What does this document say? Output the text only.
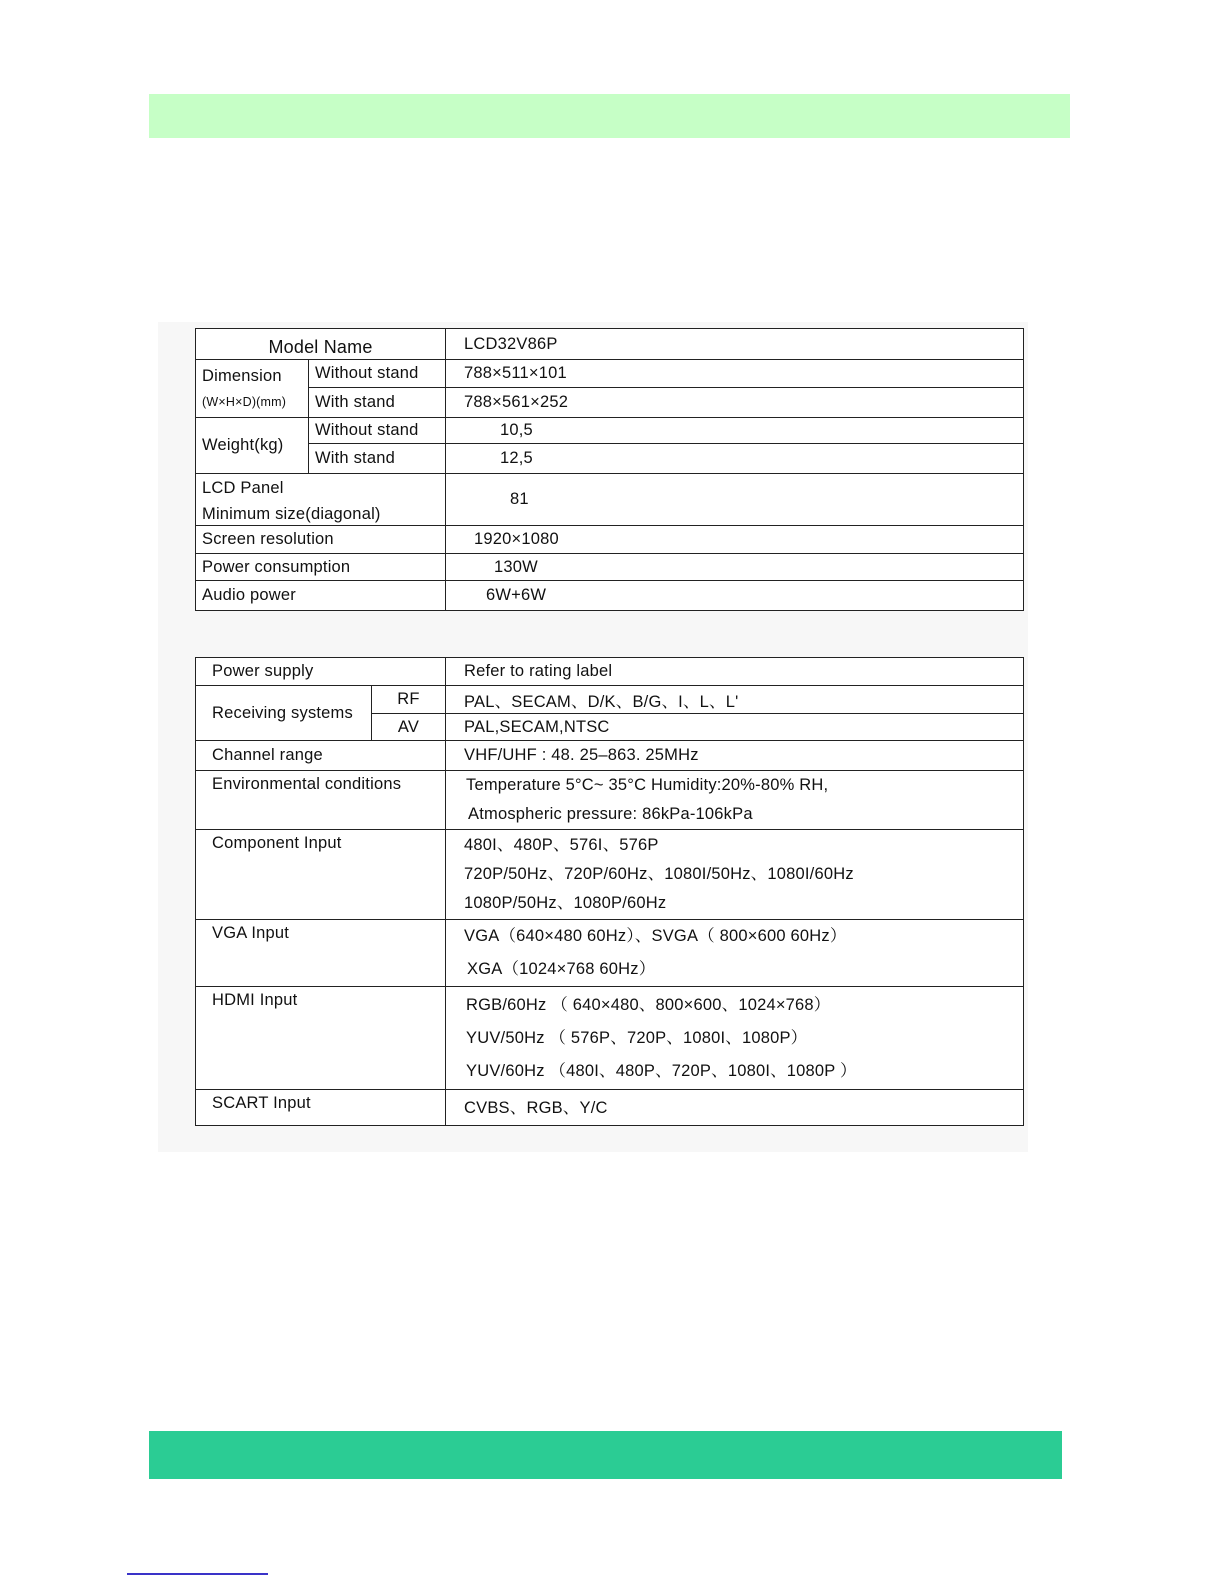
Model Name		LCD32V86P

Dimension
(W×H×D)(mm)	Without stand	788×511×101
	With stand	788×561×252
Weight(kg)	Without stand	10,5
	With stand	12,5

LCD Panel
Minimum size(diagonal)		81
Screen resolution		1920×1080
Power consumption		130W
Audio power		6W+6W
Power supply		Refer to rating label
Receiving systems	RF	PAL、SECAM、D/K、B/G、I、L、L'
	AV	PAL,SECAM,NTSC
Channel range		VHF/UHF : 48. 25–863. 25MHz
Environmental conditions		Temperature 5°C~ 35°C Humidity:20%-80% RH,
Atmospheric pressure: 86kPa-106kPa

Component Input		480I、480P、576I、576P
720P/50Hz、720P/60Hz、1080I/50Hz、1080I/60Hz
1080P/50Hz、1080P/60Hz

VGA Input		VGA（640×480 60Hz）、SVGA（ 800×600 60Hz）
XGA（1024×768 60Hz）

HDMI Input		RGB/60Hz （ 640×480、800×600、1024×768）
YUV/50Hz （ 576P、720P、1080I、1080P）
YUV/60Hz （480I、480P、720P、1080I、1080P ）

SCART Input		CVBS、RGB、Y/C
